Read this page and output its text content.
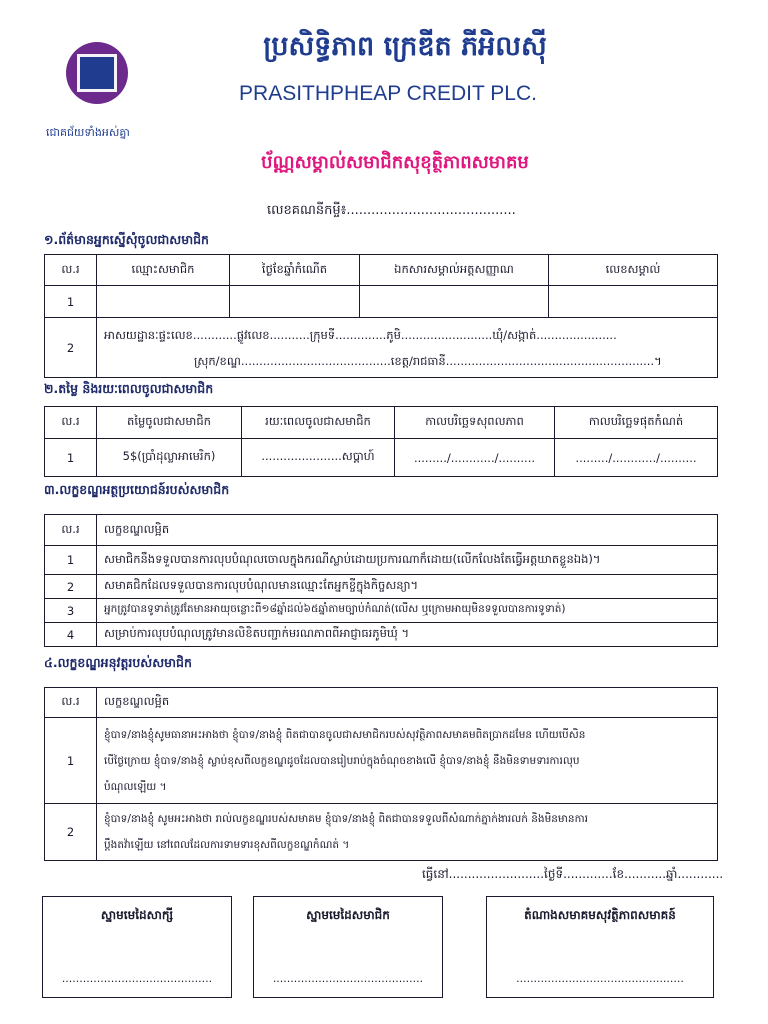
ជោគជ័យទាំងអស់គ្នា
ប្រសិទ្ធិភាព ក្រេឌីត ភីអិលស៊ី
PRASITHPHEAP CREDIT PLC.
ប័ណ្ណសម្គាល់សមាជិកសុខុត្ថិភាពសមាគម
លេខគណនីកម្ចី៖.........................................
១.ព័ត៌មានអ្នកស្នើសុំចូលជាសមាជិក
ល.រ	ឈ្មោះសមាជិក	ថ្ងៃខែឆ្នាំកំណើត	ឯកសារសម្គាល់អត្តសញ្ញាណ	លេខសម្គាល់
1				
2	អាសយដ្ឋានៈផ្ទះលេខ............ផ្លូវលេខ...........ក្រុមទី..............ភូមិ.........................ឃុំ/សង្កាត់......................
ស្រុក/ខណ្ឌ.........................................ខេត្ត/រាជធានី.........................................................។			
២.តម្លៃ និងរយៈពេលចូលជាសមាជិក
ល.រ	តម្លៃចូលជាសមាជិក	រយៈពេលចូលជាសមាជិក	កាលបរិច្ឆេទសុពលភាព	កាលបរិច្ឆេទផុតកំណត់
1	5$(ប្រាំដុល្លាអាមេរិក)	......................សប្តាហ៍	........./............/..........	........./............/..........
៣.លក្ខខណ្ឌអត្ថប្រយោជន៍របស់សមាជិក
ល.រ	លក្ខខណ្ឌលម្អិត
1	សមាជិកនឹងទទួលបានការលុបបំណុលចោលក្នុងករណីស្លាប់ដោយប្រការណាក៏ដោយ(លើកលែងតែធ្វើអត្តឃាតខ្លួនឯង)។
2	សមាគជិកដែលទទួលបានការលុបបំណុលមានឈ្មោះតែអ្នកខ្ចីក្នុងកិច្ចសន្យា។
3	អ្នកត្រូវបានទូទាត់ត្រូវតែមានអាយុចន្លោះពី១៨ឆ្នាំដល់៦៥ឆ្នាំតាមច្បាប់កំណត់(លើស ឬក្រោមអាយុមិនទទួលបានការទូទាត់)
4	សម្រាប់ការលុបបំណុលត្រូវមានលិខិតបញ្ជាក់មរណភាពពីអាជ្ញាធរភូមិឃុំ ។
៤.លក្ខខណ្ឌអនុវត្តរបស់សមាជិក
ល.រ	លក្ខខណ្ឌលម្អិត
1	ខ្ញុំបាទ/នាងខ្ញុំសូមធានាអះអាងថា ខ្ញុំបាទ/នាងខ្ញុំ ពិតជាបានចូលជាសមាជិករបស់សុវត្ថិភាពសមាគមពិតប្រាកដមែន ហើយបើសិន
បើថ្ងៃក្រោយ ខ្ញុំបាទ/នាងខ្ញុំ ស្លាប់ខុសពីលក្ខខណ្ឌដូចដែលបានរៀបរាប់ក្នុងចំណុចខាងលើ ខ្ញុំបាទ/នាងខ្ញុំ នឹងមិនទាមទារការលុប
បំណុលឡើយ ។

2	ខ្ញុំបាទ/នាងខ្ញុំ សូមអះអាងថា រាល់លក្ខខណ្ឌរបស់សមាគម ខ្ញុំបាទ/នាងខ្ញុំ ពិតជាបានទទួលពីសំណាក់ភ្នាក់ងារលក់ និងមិនមានការ
ប្តឹងតវ៉ាឡើយ នៅពេលដែលការទាមទារខុសពីលក្ខខណ្ឌកំណត់ ។
ធ្វើនៅ.........................ថ្ងៃទី.............ខែ...........ឆ្នាំ............
ស្នាមមេដៃសាក្សី
...........................................
ស្នាមមេដៃសមាជិក
...........................................
តំណាងសមាគមសុវត្ថិភាពសមាគន៍
................................................
